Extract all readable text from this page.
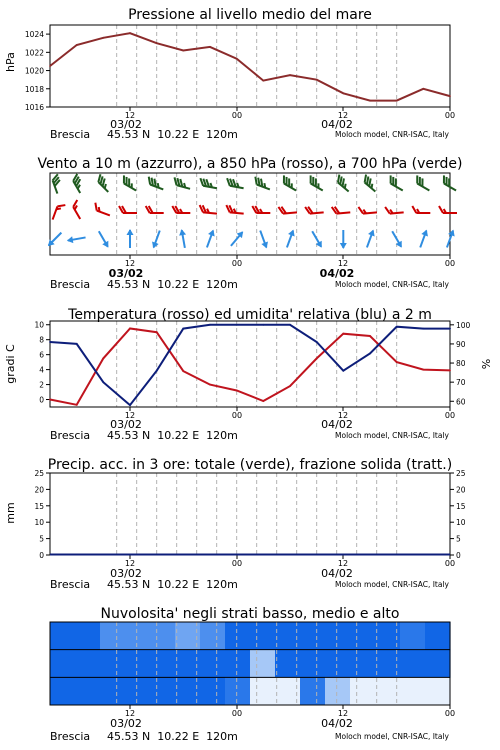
Pressione al livello medio del mare
hPa
1016
1018
1020
1022
1024
12	00	12	00
03/02	04/02
Brescia 45.53 N  10.22 E  120m	Moloch model, CNR-ISAC, Italy
Vento a 10 m (azzurro), a 850 hPa (rosso), a 700 hPa (verde)
12	00	12	00
03/02	04/02
Brescia 45.53 N  10.22 E  120m	Moloch model, CNR-ISAC, Italy
Temperatura (rosso) ed umidita' relativa (blu) a 2 m
gradi C	%
0
2
4
6
8
10
60
70
80
90
100
12	00	12	00
03/02	04/02
Brescia 45.53 N  10.22 E  120m	Moloch model, CNR-ISAC, Italy
Precip. acc. in 3 ore: totale (verde), frazione solida (tratt.)
mm
0
5
10
15
20
25
0
5
10
15
20
25
12	00	12	00
03/02	04/02
Brescia 45.53 N  10.22 E  120m	Moloch model, CNR-ISAC, Italy
Nuvolosita' negli strati basso, medio e alto
12	00	12	00
03/02	04/02
Brescia 45.53 N  10.22 E  120m	Moloch model, CNR-ISAC, Italy
